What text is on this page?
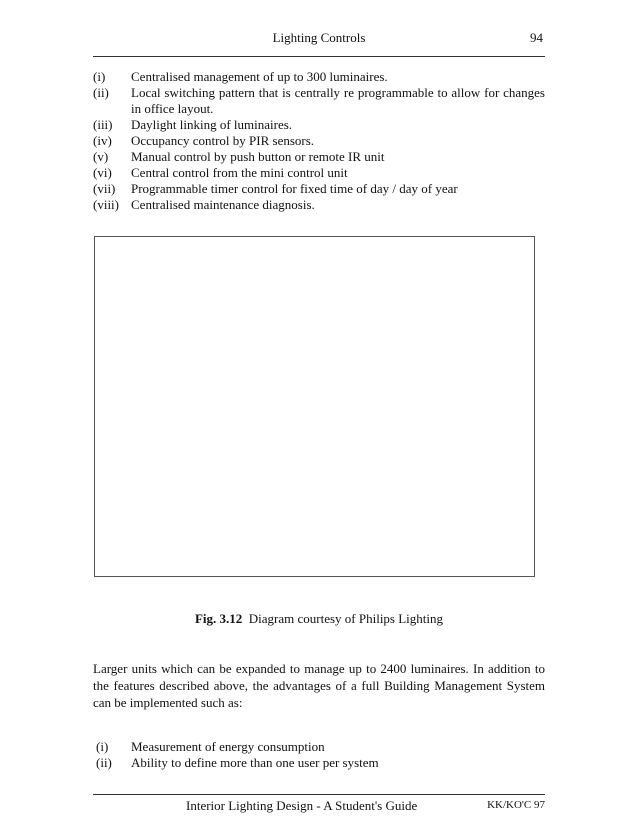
Lighting Controls	94
(i) Centralised management of up to 300 luminaires.
(ii) Local switching pattern that is centrally re programmable to allow for changes in office layout.
(iii) Daylight linking of luminaires.
(iv) Occupancy control by PIR sensors.
(v) Manual control by push button or remote IR unit
(vi) Central control from the mini control unit
(vii) Programmable timer control for fixed time of day / day of year
(viii) Centralised maintenance diagnosis.
Fig. 3.12 Diagram courtesy of Philips Lighting

Larger units which can be expanded to manage up to 2400 luminaires. In addition to the features described above, the advantages of a full Building Management System can be implemented such as:

(i) Measurement of energy consumption
(ii) Ability to define more than one user per system
Interior Lighting Design - A Student's Guide	KK/KO'C 97
